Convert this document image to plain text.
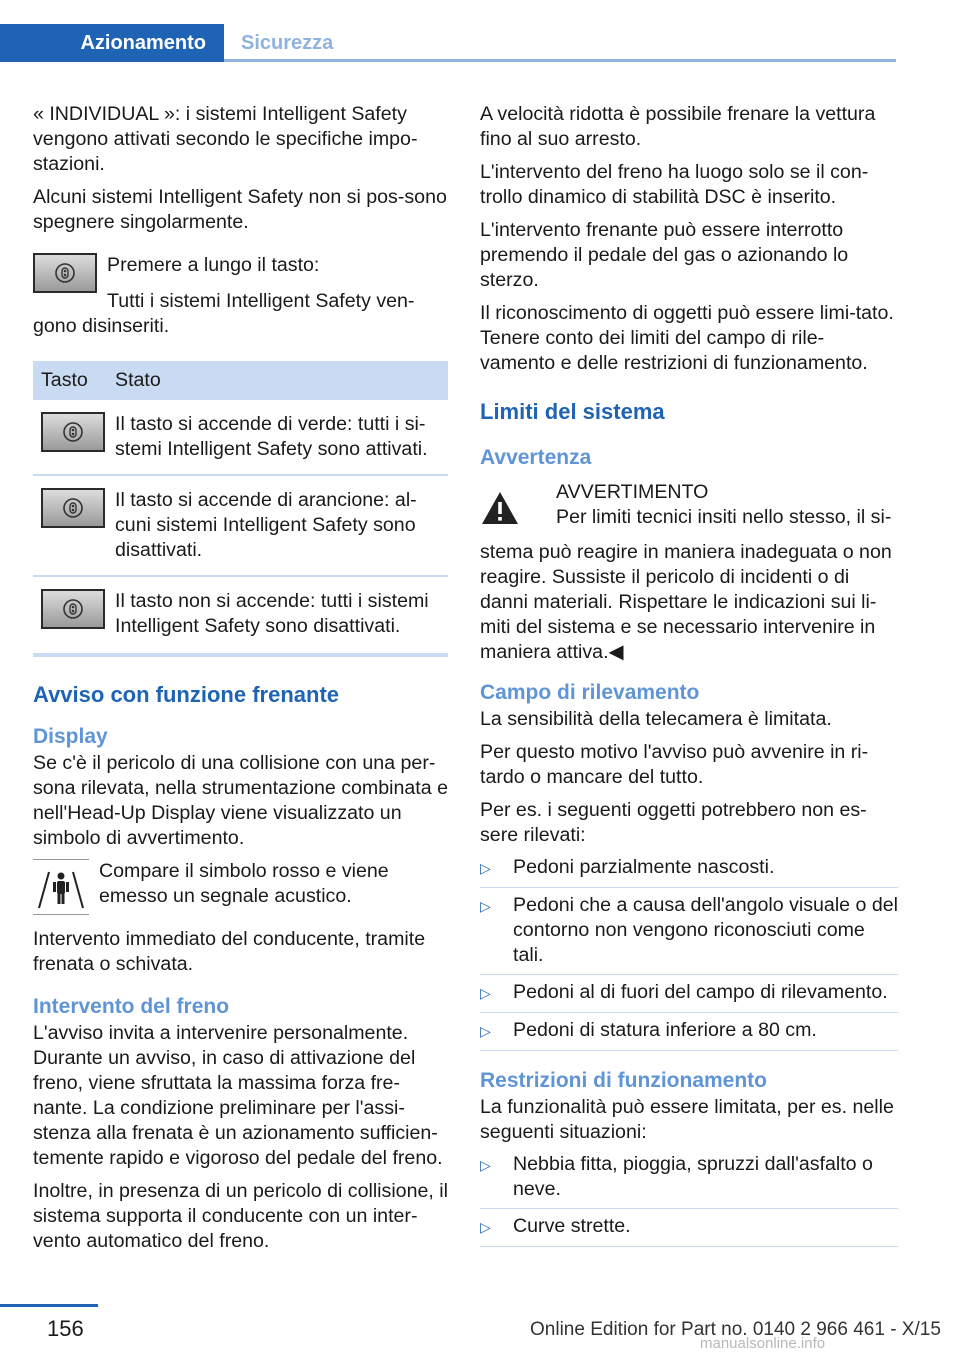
Azionamento	Sicurezza

« INDIVIDUAL »: i sistemi Intelligent Safety vengono attivati secondo le specifiche impo-stazioni.

Alcuni sistemi Intelligent Safety non si pos-sono spegnere singolarmente.

Premere a lungo il tasto:

Tutti i sistemi Intelligent Safety ven-gono disinseriti.

Tasto	Stato

	Il tasto si accende di verde: tutti i si-stemi Intelligent Safety sono attivati.

	Il tasto si accende di arancione: al-cuni sistemi Intelligent Safety sono disattivati.

	Il tasto non si accende: tutti i sistemi Intelligent Safety sono disattivati.
Avviso con funzione frenante
Display

Se c'è il pericolo di una collisione con una per-sona rilevata, nella strumentazione combinata e nell'Head-Up Display viene visualizzato un simbolo di avvertimento.

Compare il simbolo rosso e viene emesso un segnale acustico.

Intervento immediato del conducente, tramite frenata o schivata.

Intervento del freno

L'avviso invita a intervenire personalmente. Durante un avviso, in caso di attivazione del freno, viene sfruttata la massima forza fre-nante. La condizione preliminare per l'assi-stenza alla frenata è un azionamento sufficien-temente rapido e vigoroso del pedale del freno.

Inoltre, in presenza di un pericolo di collisione, il sistema supporta il conducente con un inter-vento automatico del freno.

A velocità ridotta è possibile frenare la vettura fino al suo arresto.

L'intervento del freno ha luogo solo se il con-trollo dinamico di stabilità DSC è inserito.

L'intervento frenante può essere interrotto premendo il pedale del gas o azionando lo sterzo.

Il riconoscimento di oggetti può essere limi-tato. Tenere conto dei limiti del campo di rile-vamento e delle restrizioni di funzionamento.

Limiti del sistema
Avvertenza

AVVERTIMENTO

Per limiti tecnici insiti nello stesso, il si-

stema può reagire in maniera inadeguata o non reagire. Sussiste il pericolo di incidenti o di danni materiali. Rispettare le indicazioni sui li-miti del sistema e se necessario intervenire in maniera attiva.◀

Campo di rilevamento

La sensibilità della telecamera è limitata.

Per questo motivo l'avviso può avvenire in ri-tardo o mancare del tutto.

Per es. i seguenti oggetti potrebbero non es-sere rilevati:

▷	Pedoni parzialmente nascosti.
▷	Pedoni che a causa dell'angolo visuale o del contorno non vengono riconosciuti come tali.
▷	Pedoni al di fuori del campo di rilevamento.
▷	Pedoni di statura inferiore a 80 cm.
Restrizioni di funzionamento

La funzionalità può essere limitata, per es. nelle seguenti situazioni:

▷	Nebbia fitta, pioggia, spruzzi dall'asfalto o neve.
▷	Curve strette.
156	Online Edition for Part no. 0140 2 966 461 - X/15
manualsonline.info
